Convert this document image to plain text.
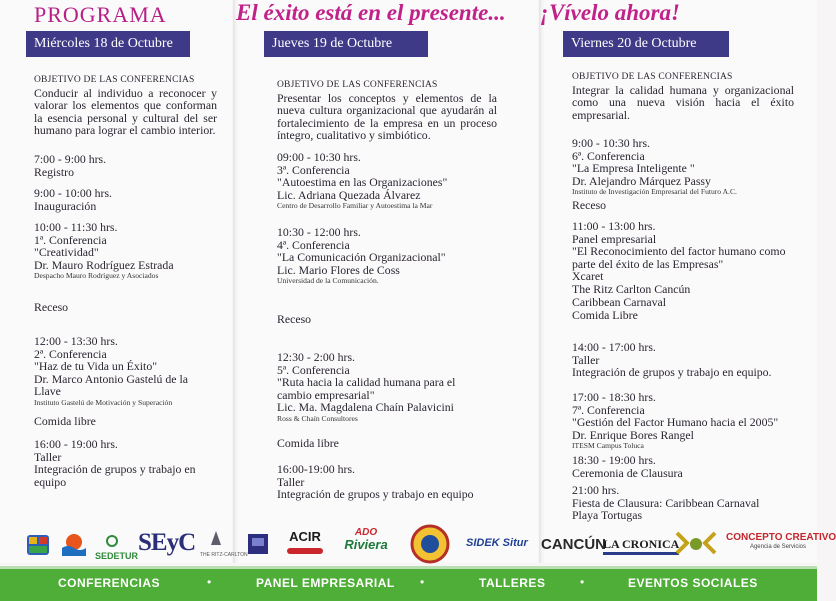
PROGRAMA	El éxito está en el presente... ¡Vívelo ahora!
Miércoles 18 de Octubre	Jueves 19 de Octubre	Viernes 20 de Octubre
OBJETIVO DE LAS CONFERENCIAS
Conducir al individuo a reconocer y valorar los elementos que conforman la esencia personal y cultural del ser humano para lograr el cambio interior.
7:00 - 9:00 hrs.
Registro
9:00 - 10:00 hrs.
Inauguración
10:00 - 11:30 hrs.
1ª. Conferencia
"Creatividad"
Dr. Mauro Rodríguez Estrada
Despacho Mauro Rodríguez y Asociados
Receso
12:00 - 13:30 hrs.
2ª. Conferencia
"Haz de tu Vida un Éxito"
Dr. Marco Antonio Gastelú de la
Llave
Instituto Gastelú de Motivación y Superación
Comida libre
16:00 - 19:00 hrs.
Taller
Integración de grupos y trabajo en
equipo
OBJETIVO DE LAS CONFERENCIAS
Presentar los conceptos y elementos de la nueva cultura organizacional que ayudarán al fortalecimiento de la empresa en un proceso íntegro, cualitativo y simbiótico.
09:00 - 10:30 hrs.
3ª. Conferencia
"Autoestima en las Organizaciones"
Lic. Adriana Quezada Álvarez
Centro de Desarrollo Familiar y Autoestima la Mar
10:30 - 12:00 hrs.
4ª. Conferencia
"La Comunicación Organizacional"
Lic. Mario Flores de Coss
Universidad de la Comunicación.
Receso
12:30 - 2:00 hrs.
5ª. Conferencia
"Ruta hacia la calidad humana para el
cambio empresarial"
Lic. Ma. Magdalena Chaín Palavicini
Ross & Chaín Consultores
Comida libre
16:00-19:00 hrs.
Taller
Integración de grupos y trabajo en equipo
OBJETIVO DE LAS CONFERENCIAS
Integrar la calidad humana y organizacional como una nueva visión hacia el éxito empresarial.
9:00 - 10:30 hrs.
6ª. Conferencia
"La Empresa Inteligente "
Dr. Alejandro Márquez Passy
Instituto de Investigación Empresarial del Futuro A.C.
Receso
11:00 - 13:00 hrs.
Panel empresarial
"El Reconocimiento del factor humano como
parte del éxito de las Empresas"
Xcaret
The Ritz Carlton Cancún
Caribbean Carnaval
Comida Libre
14:00 - 17:00 hrs.
Taller
Integración de grupos y trabajo en equipo.
17:00 - 18:30 hrs.
7ª. Conferencia
"Gestión del Factor Humano hacia el 2005"
Dr. Enrique Bores Rangel
ITESM Campus Toluca
18:30 - 19:00 hrs.
Ceremonia de Clausura
21:00 hrs.
Fiesta de Clausura: Caribbean Carnaval
Playa Tortugas
SEDETUR SEyC THE RITZ-CARLTON
ACIR	ADO
Riviera	SIDEK Situr CANCÚN
LA CRONICA	CONCEPTO CREATIVO
Agencia de Servicios
CONFERENCIAS	•	PANEL EMPRESARIAL •	TALLERES	•	EVENTOS SOCIALES
